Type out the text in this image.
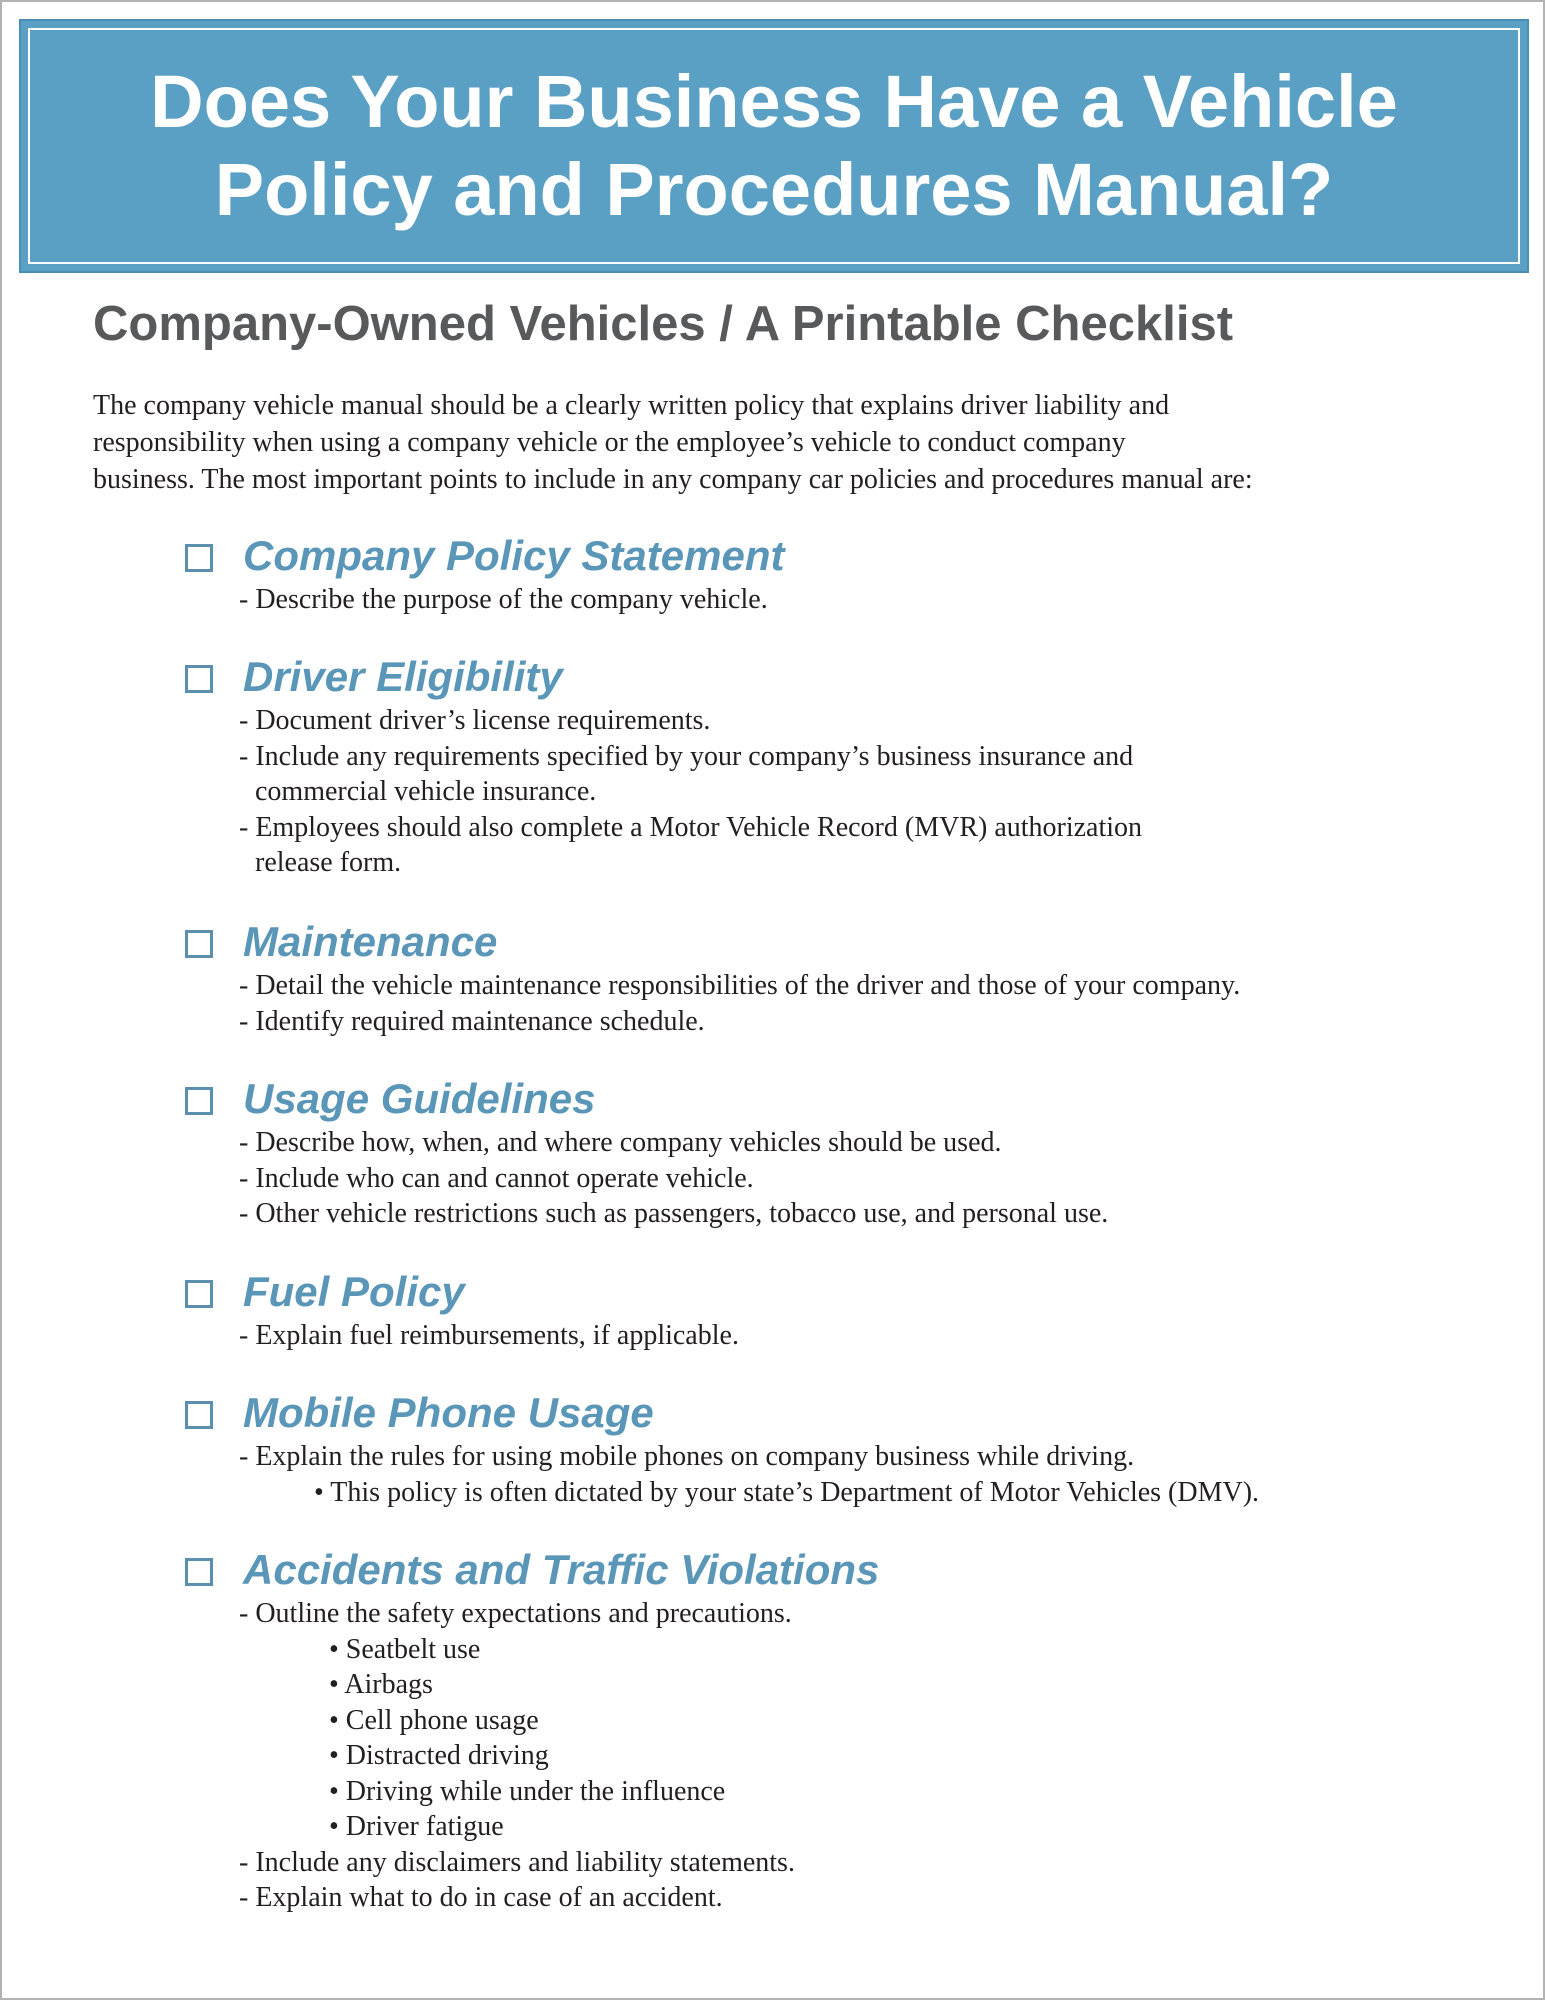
Does Your Business Have a Vehicle
Policy and Procedures Manual?
Company-Owned Vehicles / A Printable Checklist
The company vehicle manual should be a clearly written policy that explains driver liability and
responsibility when using a company vehicle or the employee’s vehicle to conduct company
business. The most important points to include in any company car policies and procedures manual are:
Company Policy Statement
- Describe the purpose of the company vehicle.
Driver Eligibility
- Document driver’s license requirements.
- Include any requirements specified by your company’s business insurance and
commercial vehicle insurance.
- Employees should also complete a Motor Vehicle Record (MVR) authorization
release form.
Maintenance
- Detail the vehicle maintenance responsibilities of the driver and those of your company.
- Identify required maintenance schedule.
Usage Guidelines
- Describe how, when, and where company vehicles should be used.
- Include who can and cannot operate vehicle.
- Other vehicle restrictions such as passengers, tobacco use, and personal use.
Fuel Policy
- Explain fuel reimbursements, if applicable.
Mobile Phone Usage
- Explain the rules for using mobile phones on company business while driving.
• This policy is often dictated by your state’s Department of Motor Vehicles (DMV).
Accidents and Traffic Violations
- Outline the safety expectations and precautions.
• Seatbelt use
• Airbags
• Cell phone usage
• Distracted driving
• Driving while under the influence
• Driver fatigue
- Include any disclaimers and liability statements.
- Explain what to do in case of an accident.
